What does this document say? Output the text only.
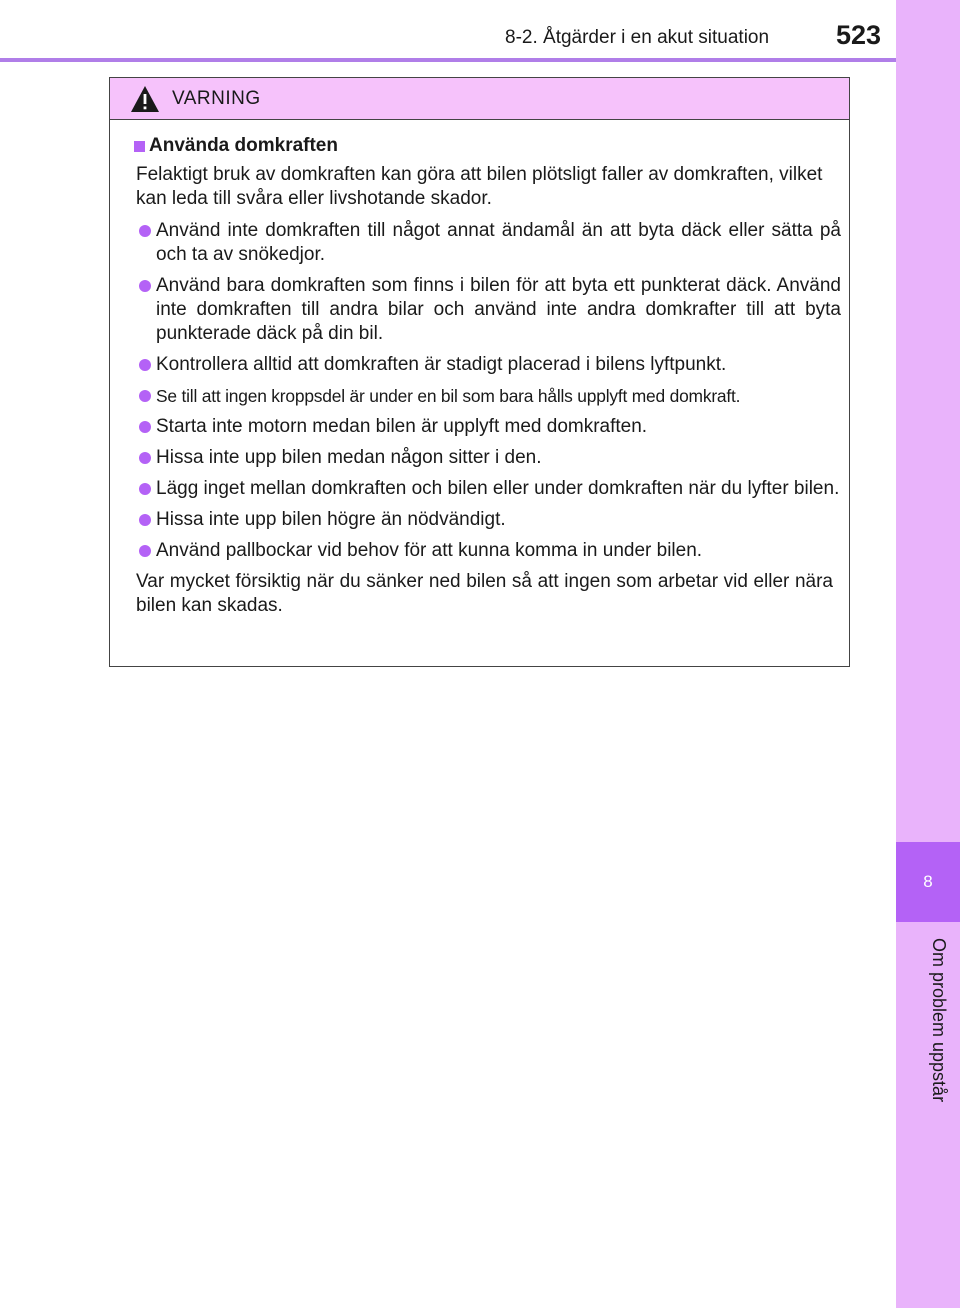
8-2. Åtgärder i en akut situation 523
8
Om problem uppstår
VARNING
Använda domkraften

Felaktigt bruk av domkraften kan göra att bilen plötsligt faller av domkraften, vilket kan leda till svåra eller livshotande skador.

Använd inte domkraften till något annat ändamål än att byta däck eller sätta på och ta av snökedjor.
Använd bara domkraften som finns i bilen för att byta ett punkterat däck. Använd inte domkraften till andra bilar och använd inte andra domkrafter till att byta punkterade däck på din bil.
Kontrollera alltid att domkraften är stadigt placerad i bilens lyftpunkt.
Se till att ingen kroppsdel är under en bil som bara hålls upplyft med domkraft.
Starta inte motorn medan bilen är upplyft med domkraften.
Hissa inte upp bilen medan någon sitter i den.
Lägg inget mellan domkraften och bilen eller under domkraften när du lyfter bilen.
Hissa inte upp bilen högre än nödvändigt.
Använd pallbockar vid behov för att kunna komma in under bilen.

Var mycket försiktig när du sänker ned bilen så att ingen som arbetar vid eller nära bilen kan skadas.
